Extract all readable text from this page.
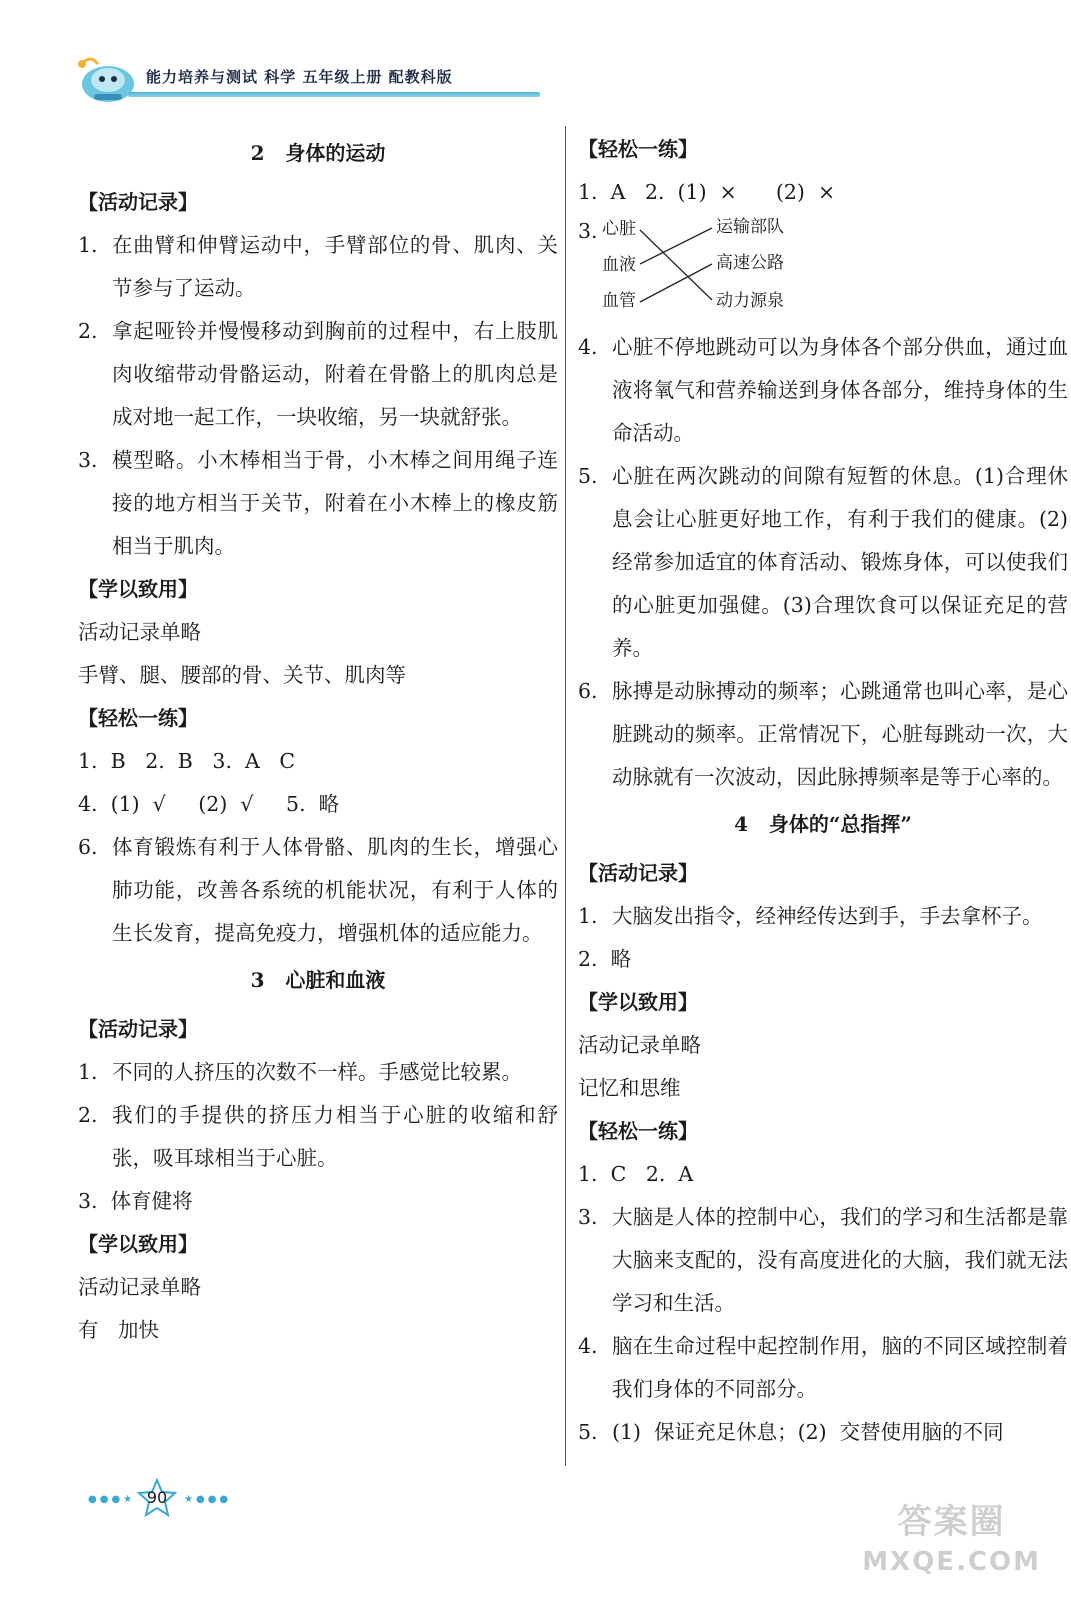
能力培养与测试 科学 五年级上册 配教科版
2   身体的运动
【活动记录】
1. 在曲臂和伸臂运动中，手臂部位的骨、肌肉、关节参与了运动。
2. 拿起哑铃并慢慢移动到胸前的过程中，右上肢肌肉收缩带动骨骼运动，附着在骨骼上的肌肉总是成对地一起工作，一块收缩，另一块就舒张。
3. 模型略。小木棒相当于骨，小木棒之间用绳子连接的地方相当于关节，附着在小木棒上的橡皮筋相当于肌肉。
【学以致用】
活动记录单略
手臂、腿、腰部的骨、关节、肌肉等
【轻松一练】
1.  B   2.  B   3.  A   C
4.  (1)  √     (2)  √     5.  略
6. 体育锻炼有利于人体骨骼、肌肉的生长，增强心肺功能，改善各系统的机能状况，有利于人体的生长发育，提高免疫力，增强机体的适应能力。
3   心脏和血液
【活动记录】
1. 不同的人挤压的次数不一样。手感觉比较累。
2. 我们的手提供的挤压力相当于心脏的收缩和舒张，吸耳球相当于心脏。
3.  体育健将
【学以致用】
活动记录单略
有   加快
【轻松一练】
1.  A   2.  (1)  ×      (2)  ×
3. 心脏
血液
血管
运输部队
高速公路
动力源泉
4. 心脏不停地跳动可以为身体各个部分供血，通过血液将氧气和营养输送到身体各部分，维持身体的生命活动。
5. 心脏在两次跳动的间隙有短暂的休息。(1)合理休息会让心脏更好地工作，有利于我们的健康。(2)经常参加适宜的体育活动、锻炼身体，可以使我们的心脏更加强健。(3)合理饮食可以保证充足的营养。
6. 脉搏是动脉搏动的频率；心跳通常也叫心率，是心脏跳动的频率。正常情况下，心脏每跳动一次，大动脉就有一次波动，因此脉搏频率是等于心率的。
4   身体的“总指挥”
【活动记录】
1. 大脑发出指令，经神经传达到手，手去拿杯子。
2.  略
【学以致用】
活动记录单略
记忆和思维
【轻松一练】
1.  C   2.  A
3. 大脑是人体的控制中心，我们的学习和生活都是靠大脑来支配的，没有高度进化的大脑，我们就无法学习和生活。
4. 脑在生命过程中起控制作用，脑的不同区域控制着我们身体的不同部分。
5. (1)  保证充足休息；(2)  交替使用脑的不同
●●●★ 90	★●●●
答案圈
MXQE.COM
